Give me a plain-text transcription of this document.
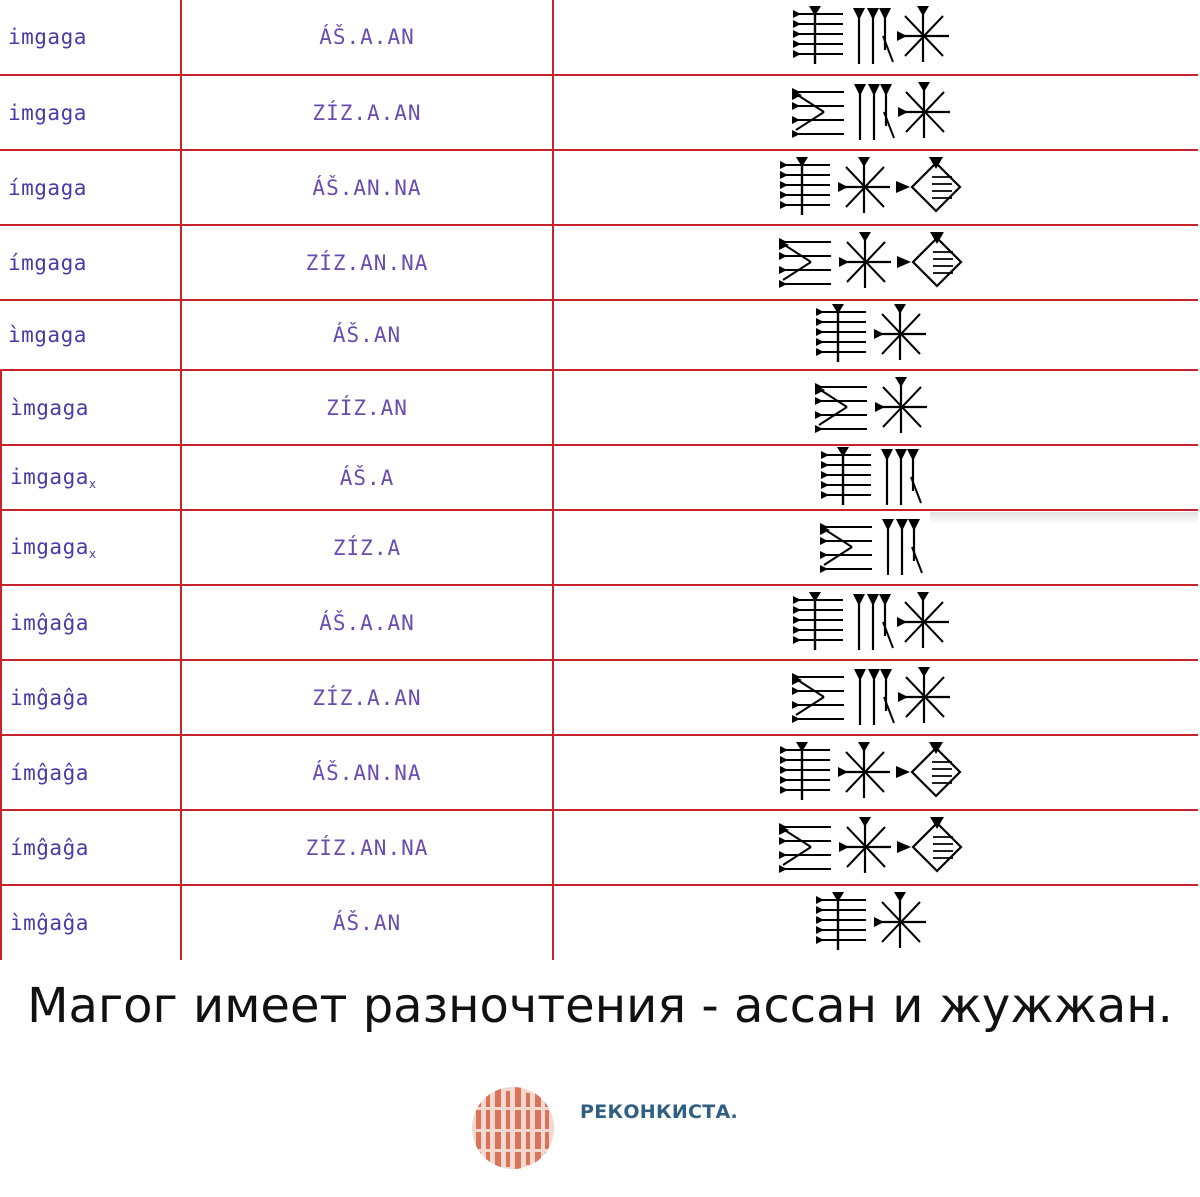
imgaga	ÁŠ.A.AN
imgaga	ZÍZ.A.AN
ímgaga	ÁŠ.AN.NA
ímgaga	ZÍZ.AN.NA
ìmgaga	ÁŠ.AN
ìmgaga	ZÍZ.AN
imgaga$_x$	ÁŠ.A
imgaga$_x$	ZÍZ.A
imĝaĝa	ÁŠ.A.AN
imĝaĝa	ZÍZ.A.AN
ímĝaĝa	ÁŠ.AN.NA
ímĝaĝa	ZÍZ.AN.NA
ìmĝaĝa	ÁŠ.AN
Магог имеет разночтения - ассан и жужжан.
РЕКОНКИСТА.
